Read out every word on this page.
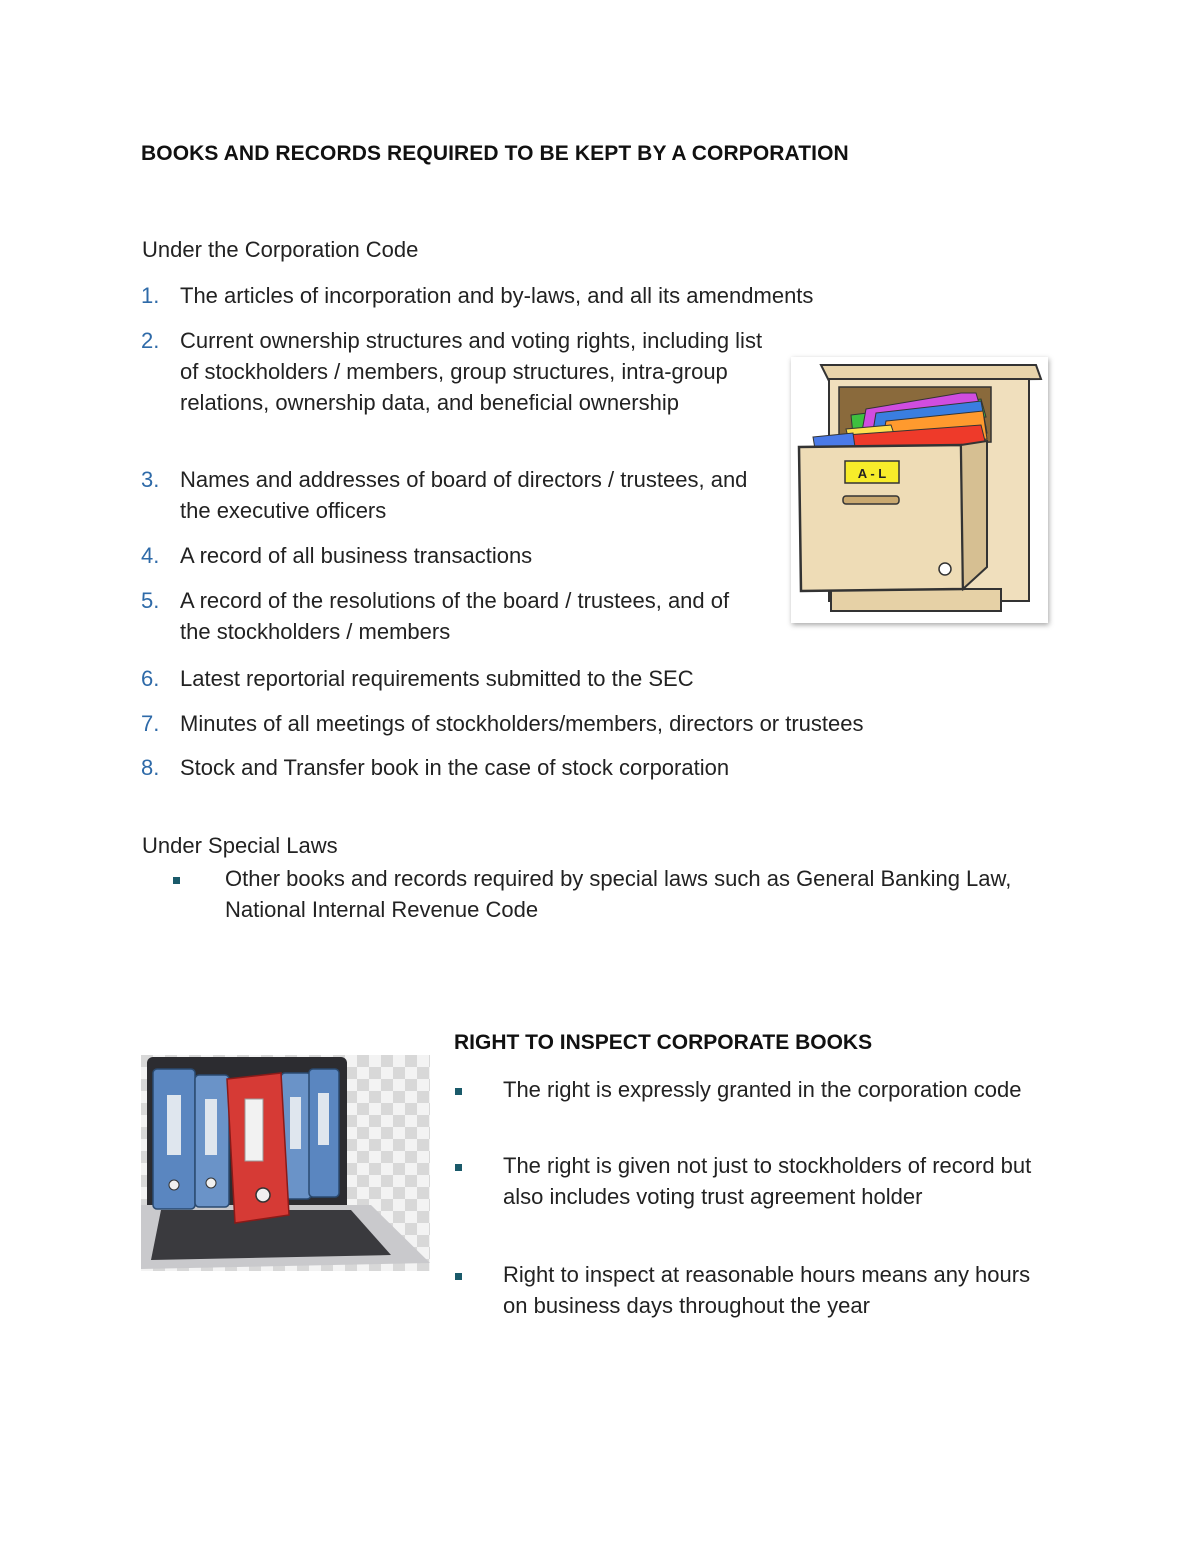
BOOKS AND RECORDS REQUIRED TO BE KEPT BY A CORPORATION
Under the Corporation Code
1. The articles of incorporation and by-laws, and all its amendments
2. Current ownership structures and voting rights, including list of stockholders / members, group structures, intra-group relations, ownership data, and beneficial ownership
3. Names and addresses of board of directors / trustees, and the executive officers
4. A record of all business transactions
5. A record of the resolutions of the board / trustees, and of the stockholders / members
6. Latest reportorial requirements submitted to the SEC
7. Minutes of all meetings of stockholders/members, directors or trustees
8. Stock and Transfer book in the case of stock corporation
A - L
Under Special Laws
Other books and records required by special laws such as General Banking Law, National Internal Revenue Code
RIGHT TO INSPECT CORPORATE BOOKS
The right is expressly granted in the corporation code
The right is given not just to stockholders of record but also includes voting trust agreement holder
Right to inspect at reasonable hours means any hours on business days throughout the year
